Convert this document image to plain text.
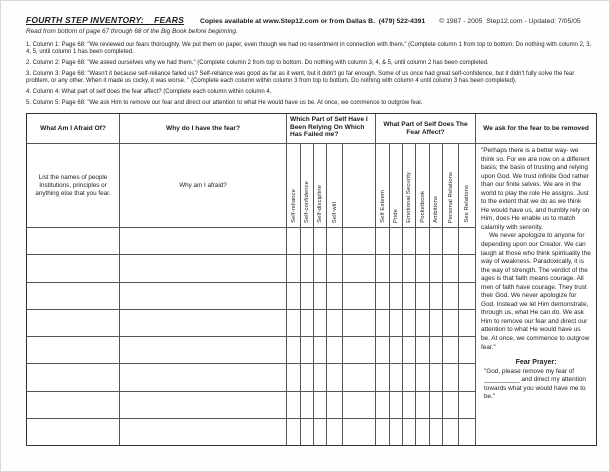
FOURTH STEP INVENTORY:    FEARS Copies available at www.Step12.com or from Dallas B.  (479) 522-4391 © 1987 - 2005  Step12.com - Updated: 7/05/05
Read from bottom of page 67 through 68 of the Big Book before beginning.
1. Column 1: Page 68: "We reviewed our fears thoroughly. We put them on paper, even though we had no resentment in connection with them." (Complete column 1 from top to bottom. Do nothing with column 2, 3, 4, 5, until column 1 has been completed.
2. Column 2: Page 68: "We asked ourselves why we had them." (Complete column 2 from top to bottom. Do nothing with column 3, 4, & 5, until column 2 has been completed.
3. Column 3: Page 68: "Wasn't it because self-reliance failed us? Self-reliance was good as far as it went, but it didn't go far enough. Some of us once had great self-confidence, but it didn't fully solve the fear problem, or any other. When it made us cocky, it was worse. " (Complete each column within column 3 from top to bottom. Do nothing with column 4 until column 3 has been completed).
4. Column 4: What part of self does the fear affect? (Complete each column within column 4.
5. Column 5: Page 68: "We ask Him to remove our fear and direct our attention to what He would have us be. At once, we commence to outgrow fear.
What Am I Afraid Of?
List the names of people Institutions, principles or anything else that you fear.
Why do I have the fear?
Why am I afraid?
Which Part of Self Have I Been Relying On Which Has Failed me?
Self-reliance Self-confidence Self-discipline Self-will
What Part of Self Does The Fear Affect?
Self Esteem Pride Emotional Security Pocketbook Ambitions Personal Relations Sex Relations
We ask for the fear to be removed

"Perhaps there is a better way- we think so. For we are now on a different basis; the basis of trusting and relying upon God. We trust infinite God rather than our finite selves. We are in the world to play the role He assigns. Just to the extent that we do as we think He would have us, and humbly rely on Him, does He enable us to match calamity with serenity.

We never apologize to anyone for depending upon our Creator. We can laugh at those who think spirituality the way of weakness. Paradoxically, it is the way of strength. The verdict of the ages is that faith means courage. All men of faith have courage. They trust their God. We never apologize for God. Instead we let Him demonstrate, through us, what He can do. We ask Him to remove our fear and direct our attention to what He would have us be. At once, we commence to outgrow fear."

Fear Prayer:

"God, please remove my fear of __________ and direct my attention towards what you would have me to be."
